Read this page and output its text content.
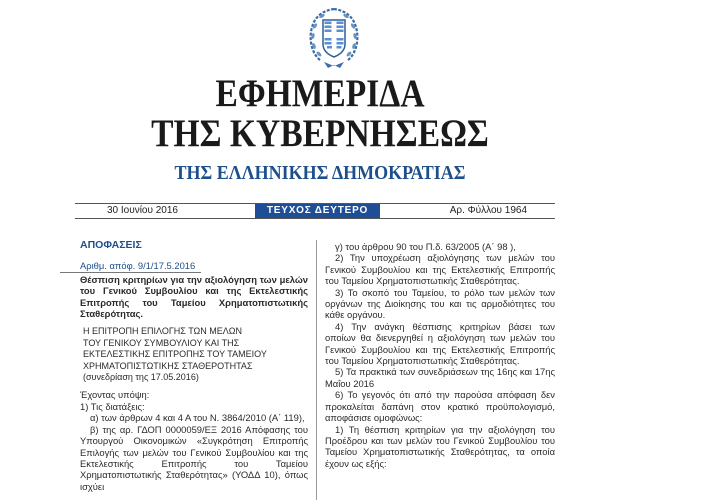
ΕΦΗΜΕΡΙΔΑ
ΤΗΣ ΚΥΒΕΡΝΗΣΕΩΣ
ΤΗΣ ΕΛΛΗΝΙΚΗΣ ΔΗΜΟΚΡΑΤΙΑΣ
30 Ιουνίου 2016	ΤΕΥΧΟΣ ΔΕΥΤΕΡΟ	Αρ. Φύλλου 1964
ΑΠΟΦΑΣΕΙΣ
Αριθμ. απόφ. 9/1/17.5.2016
Θέσπιση κριτηρίων για την αξιολόγηση των μελών του Γενικού Συμβουλίου και της Εκτελεστικής Επιτροπής του Ταμείου Χρηματοπιστωτικής Σταθερότητας.
Η ΕΠΙΤΡΟΠΗ ΕΠΙΛΟΓΗΣ ΤΩΝ ΜΕΛΩΝ
ΤΟΥ ΓΕΝΙΚΟΥ ΣΥΜΒΟΥΛΙΟΥ ΚΑΙ ΤΗΣ
ΕΚΤΕΛΕΣΤΙΚΗΣ ΕΠΙΤΡΟΠΗΣ ΤΟΥ ΤΑΜΕΙΟΥ
ΧΡΗΜΑΤΟΠΙΣΤΩΤΙΚΗΣ ΣΤΑΘΕΡΟΤΗΤΑΣ
(συνεδρίαση της 17.05.2016)
Έχοντας υπόψη:
1) Τις διατάξεις:
α) των άρθρων 4 και 4 Α του Ν. 3864/2010 (Α΄ 119),
β) της αρ. ΓΔΟΠ 0000059/ΕΞ 2016 Απόφασης του Υπουργού Οικονομικών «Συγκρότηση Επιτροπής Επιλογής των μελών του Γενικού Συμβουλίου και της Εκτελεστικής Επιτροπής του Ταμείου Χρηματοπιστωτικής Σταθερότητας» (ΥΟΔΔ 10), όπως ισχύει
γ) του άρθρου 90 του Π.δ. 63/2005 (Α΄ 98 ),
2) Την υποχρέωση αξιολόγησης των μελών του Γενικού Συμβουλίου και της Εκτελεστικής Επιτροπής του Ταμείου Χρηματοπιστωτικής Σταθερότητας.
3) Το σκοπό του Ταμείου, το ρόλο των μελών των οργάνων της Διοίκησης του και τις αρμοδιότητες του κάθε οργάνου.
4) Την ανάγκη θέσπισης κριτηρίων βάσει των οποίων θα διενεργηθεί η αξιολόγηση των μελών του Γενικού Συμβουλίου και της Εκτελεστικής Επιτροπής του Ταμείου Χρηματοπιστωτικής Σταθερότητας.
5) Τα πρακτικά των συνεδριάσεων της 16ης και 17ης Μαΐου 2016
6) Το γεγονός ότι από την παρούσα απόφαση δεν προκαλείται δαπάνη στον κρατικό προϋπολογισμό, αποφάσισε ομοφώνως:
1) Τη θέσπιση κριτηρίων για την αξιολόγηση του Προέδρου και των μελών του Γενικού Συμβουλίου του Ταμείου Χρηματοπιστωτικής Σταθερότητας, τα οποία έχουν ως εξής:
